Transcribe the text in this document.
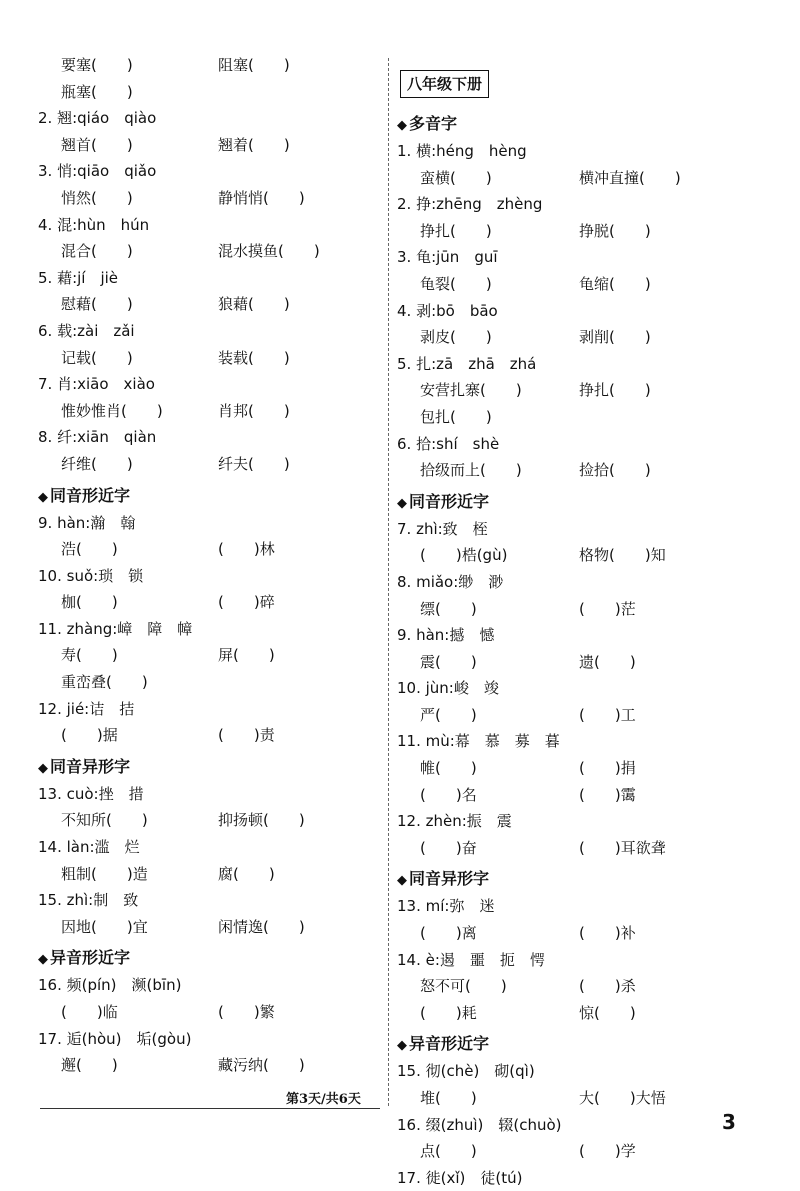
要塞(　　)	阻塞(　　)
瓶塞(　　)
2. 翘:qiáo　qiào
翘首(　　)	翘着(　　)
3. 悄:qiāo　qiǎo
悄然(　　)	静悄悄(　　)
4. 混:hùn　hún
混合(　　)	混水摸鱼(　　)
5. 藉:jí　jiè
慰藉(　　)	狼藉(　　)
6. 载:zài　zǎi
记载(　　)	装载(　　)
7. 肖:xiāo　xiào
惟妙惟肖(　　)	肖邦(　　)
8. 纤:xiān　qiàn
纤维(　　)	纤夫(　　)
◆ 同音形近字
9. hàn:瀚　翰
浩(　　)	(　　)林
10. suǒ:琐　锁
枷(　　)	(　　)碎
11. zhàng:嶂　障　幛
寿(　　)	屏(　　)
重峦叠(　　)
12. jié:诘　拮
(　　)据	(　　)责
◆ 同音异形字
13. cuò:挫　措
不知所(　　)	抑扬顿(　　)
14. làn:滥　烂
粗制(　　)造	腐(　　)
15. zhì:制　致
因地(　　)宜	闲情逸(　　)
◆ 异音形近字
16. 频(pín)　濒(bīn)
(　　)临	(　　)繁
17. 逅(hòu)　垢(gòu)
邂(　　)	藏污纳(　　)
八年级下册
◆ 多音字
1. 横:héng　hèng
蛮横(　　)	横冲直撞(　　)
2. 挣:zhēng　zhèng
挣扎(　　)	挣脱(　　)
3. 龟:jūn　guī
龟裂(　　)	龟缩(　　)
4. 剥:bō　bāo
剥皮(　　)	剥削(　　)
5. 扎:zā　zhā　zhá
安营扎寨(　　)	挣扎(　　)
包扎(　　)
6. 拾:shí　shè
拾级而上(　　)	捡拾(　　)
◆ 同音形近字
7. zhì:致　桎
(　　)梏(gù)	格物(　　)知
8. miǎo:缈　渺
缥(　　)	(　　)茫
9. hàn:撼　憾
震(　　)	遗(　　)
10. jùn:峻　竣
严(　　)	(　　)工
11. mù:幕　慕　募　暮
帷(　　)	(　　)捐
(　　)名	(　　)霭
12. zhèn:振　震
(　　)奋	(　　)耳欲聋
◆ 同音异形字
13. mí:弥　迷
(　　)离	(　　)补
14. è:遏　噩　扼　愕
怒不可(　　)	(　　)杀
(　　)耗	惊(　　)
◆ 异音形近字
15. 彻(chè)　砌(qì)
堆(　　)	大(　　)大悟
16. 缀(zhuì)　辍(chuò)
点(　　)	(　　)学
17. 徙(xǐ)　徒(tú)
第3天/共6天
3
